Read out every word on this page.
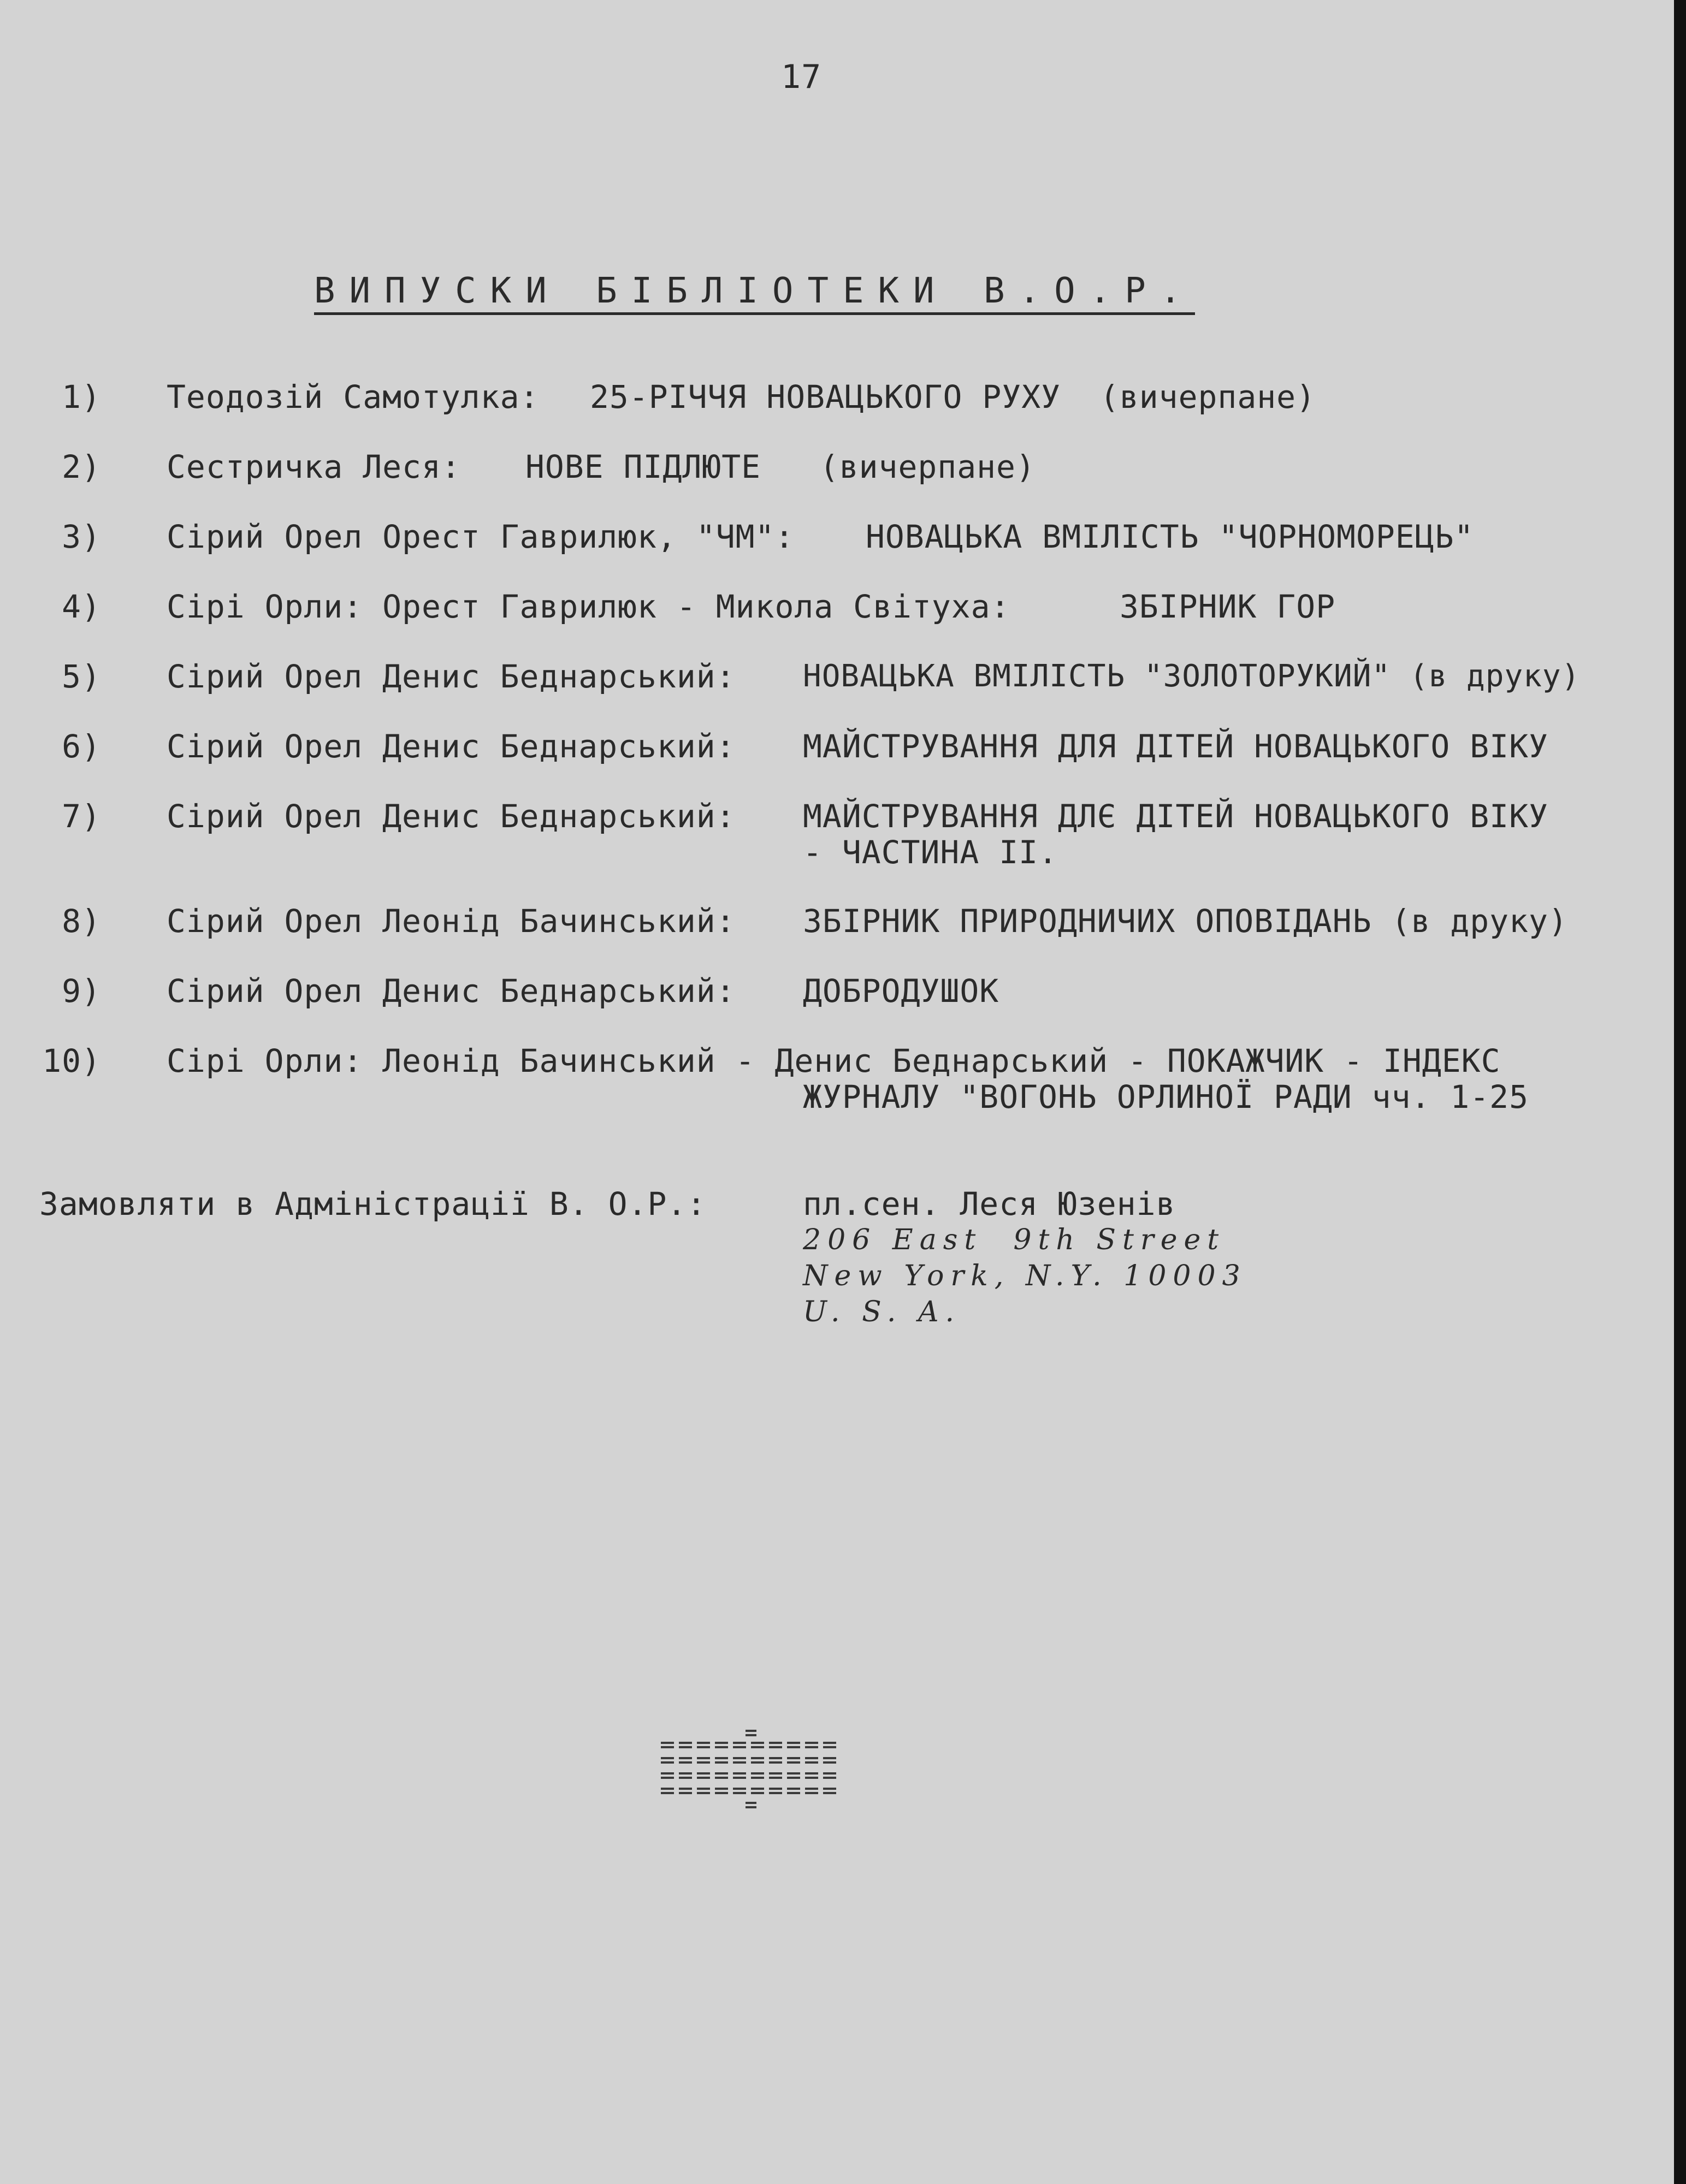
17
ВИПУСКИ БІБЛІОТЕКИ В.О.Р.
1) Теодозій Самотулка: 25-РІЧЧЯ НОВАЦЬКОГО РУХУ  (вичерпане)
2) Сестричка Леся: НОВЕ ПІДЛЮТЕ   (вичерпане)
3) Сірий Орел Орест Гаврилюк, "ЧМ": НОВАЦЬКА ВМІЛІСТЬ "ЧОРНОМОРЕЦЬ"
4) Сірі Орли: Орест Гаврилюк - Микола Світуха:	ЗБІРНИК ГОР
5) Сірий Орел Денис Беднарський: НОВАЦЬКА ВМІЛІСТЬ "ЗОЛОТОРУКИЙ" (в друку)
6) Сірий Орел Денис Беднарський: МАЙСТРУВАННЯ ДЛЯ ДІТЕЙ НОВАЦЬКОГО ВІКУ
7) Сірий Орел Денис Беднарський: МАЙСТРУВАННЯ ДЛЄ ДІТЕЙ НОВАЦЬКОГО ВІКУ
- ЧАСТИНА ІІ.
8) Сірий Орел Леонід Бачинський: ЗБІРНИК ПРИРОДНИЧИХ ОПОВІДАНЬ (в друку)
9) Сірий Орел Денис Беднарський: ДОБРОДУШОК
10) Сірі Орли: Леонід Бачинський - Денис Беднарський - ПОКАЖЧИК - ІНДЕКС
ЖУРНАЛУ "ВОГОНЬ ОРЛИНОЇ РАДИ чч. 1-25
Замовляти в Адміністрації В. О.Р.:	пл.сен. Леся Юзенів
206 East  9th Street
New York, N.Y. 10003
U. S. A.
